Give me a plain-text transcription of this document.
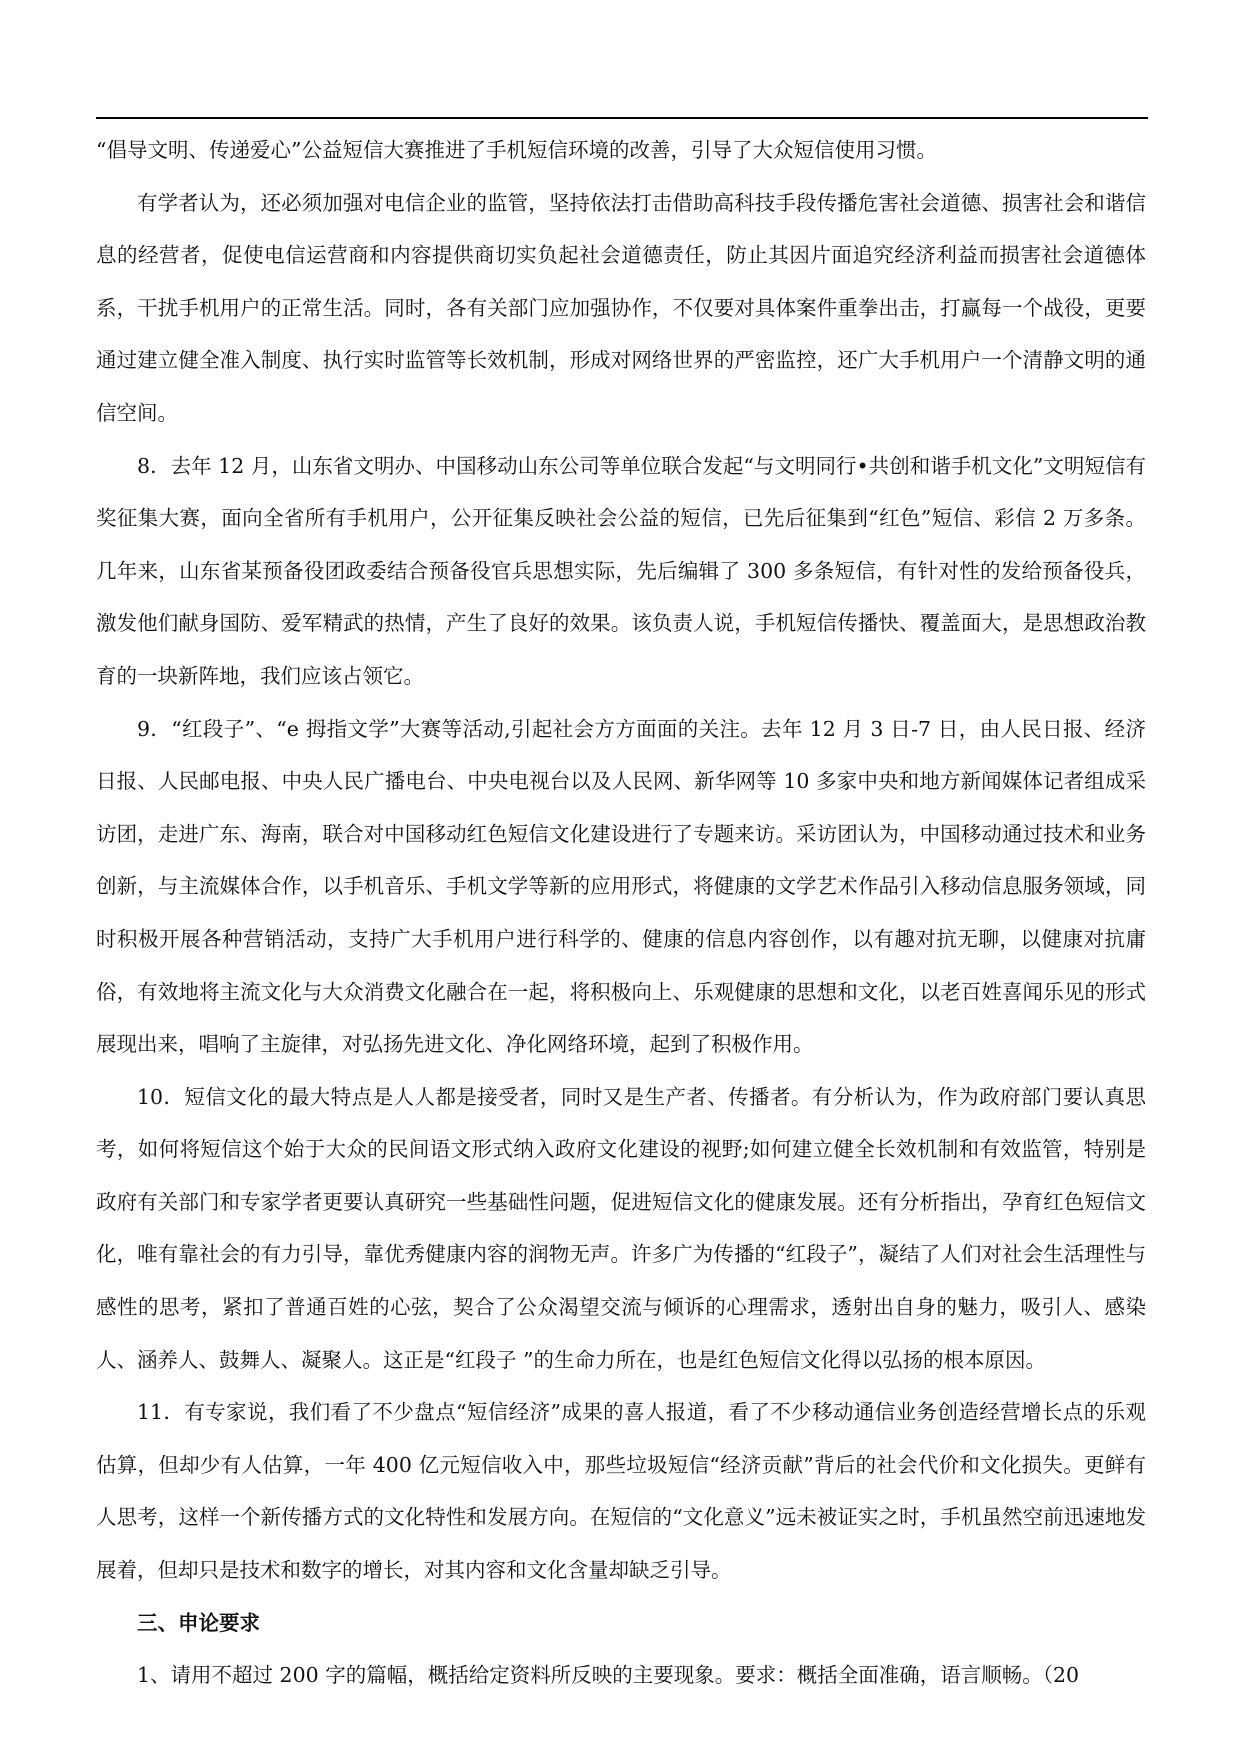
“倡导文明、传递爱心”公益短信大赛推进了手机短信环境的改善，引导了大众短信使用习惯。

有学者认为，还必须加强对电信企业的监管，坚持依法打击借助高科技手段传播危害社会道德、损害社会和谐信息的经营者，促使电信运营商和内容提供商切实负起社会道德责任，防止其因片面追究经济利益而损害社会道德体系，干扰手机用户的正常生活。同时，各有关部门应加强协作，不仅要对具体案件重拳出击，打赢每一个战役，更要通过建立健全准入制度、执行实时监管等长效机制，形成对网络世界的严密监控，还广大手机用户一个清静文明的通信空间。

8．去年 12 月，山东省文明办、中国移动山东公司等单位联合发起“与文明同行•共创和谐手机文化”文明短信有奖征集大赛，面向全省所有手机用户，公开征集反映社会公益的短信，已先后征集到“红色”短信、彩信 2 万多条。几年来，山东省某预备役团政委结合预备役官兵思想实际，先后编辑了 300 多条短信，有针对性的发给预备役兵，激发他们献身国防、爱军精武的热情，产生了良好的效果。该负责人说，手机短信传播快、覆盖面大，是思想政治教育的一块新阵地，我们应该占领它。

9．“红段子”、“e 拇指文学”大赛等活动,引起社会方方面面的关注。去年 12 月 3 日-7 日，由人民日报、经济日报、人民邮电报、中央人民广播电台、中央电视台以及人民网、新华网等 10 多家中央和地方新闻媒体记者组成采访团，走进广东、海南，联合对中国移动红色短信文化建设进行了专题来访。采访团认为，中国移动通过技术和业务创新，与主流媒体合作，以手机音乐、手机文学等新的应用形式，将健康的文学艺术作品引入移动信息服务领域，同时积极开展各种营销活动，支持广大手机用户进行科学的、健康的信息内容创作，以有趣对抗无聊，以健康对抗庸俗，有效地将主流文化与大众消费文化融合在一起，将积极向上、乐观健康的思想和文化，以老百姓喜闻乐见的形式展现出来，唱响了主旋律，对弘扬先进文化、净化网络环境，起到了积极作用。

10．短信文化的最大特点是人人都是接受者，同时又是生产者、传播者。有分析认为，作为政府部门要认真思考，如何将短信这个始于大众的民间语文形式纳入政府文化建设的视野;如何建立健全长效机制和有效监管，特别是政府有关部门和专家学者更要认真研究一些基础性问题，促进短信文化的健康发展。还有分析指出，孕育红色短信文化，唯有靠社会的有力引导，靠优秀健康内容的润物无声。许多广为传播的“红段子”，凝结了人们对社会生活理性与感性的思考，紧扣了普通百姓的心弦，契合了公众渴望交流与倾诉的心理需求，透射出自身的魅力，吸引人、感染人、涵养人、鼓舞人、凝聚人。这正是“红段子 ”的生命力所在，也是红色短信文化得以弘扬的根本原因。

11．有专家说，我们看了不少盘点“短信经济”成果的喜人报道，看了不少移动通信业务创造经营增长点的乐观估算，但却少有人估算，一年 400 亿元短信收入中，那些垃圾短信“经济贡献”背后的社会代价和文化损失。更鲜有人思考，这样一个新传播方式的文化特性和发展方向。在短信的“文化意义”远未被证实之时，手机虽然空前迅速地发展着，但却只是技术和数字的增长，对其内容和文化含量却缺乏引导。

三、申论要求

1、请用不超过 200 字的篇幅，概括给定资料所反映的主要现象。要求：概括全面准确，语言顺畅。（20
